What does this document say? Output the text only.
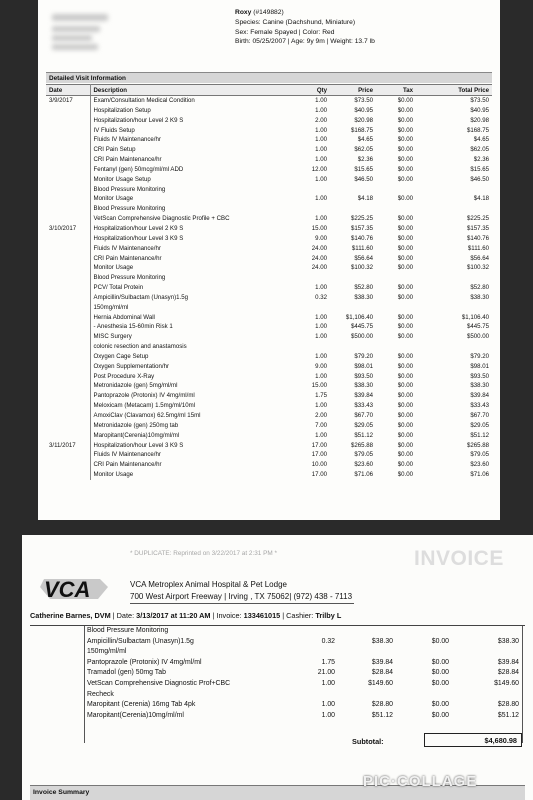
Roxy (#149882)
Species: Canine (Dachshund, Miniature)
Sex: Female Spayed | Color: Red
Birth: 05/25/2007 | Age: 9y 9m | Weight: 13.7 lb
Detailed Visit Information
Date	Description	Qty	Price	Tax	Total Price
3/9/2017	Exam/Consultation Medical Condition	1.00	$73.50	$0.00	$73.50
	Hospitalization Setup	1.00	$40.95	$0.00	$40.95
	Hospitalization/hour Level 2 K9 S	2.00	$20.98	$0.00	$20.98
	IV Fluids Setup	1.00	$168.75	$0.00	$168.75
	Fluids IV Maintenance/hr	1.00	$4.65	$0.00	$4.65
	CRI Pain Setup	1.00	$62.05	$0.00	$62.05
	CRI Pain Maintenance/hr	1.00	$2.36	$0.00	$2.36
	Fentanyl (gen) 50mcg/ml/ml ADD	12.00	$15.65	$0.00	$15.65
	Monitor Usage Setup	1.00	$46.50	$0.00	$46.50
	Blood Pressure Monitoring				
	Monitor Usage	1.00	$4.18	$0.00	$4.18
	Blood Pressure Monitoring				
	VetScan Comprehensive Diagnostic Profile + CBC	1.00	$225.25	$0.00	$225.25
3/10/2017	Hospitalization/hour Level 2 K9 S	15.00	$157.35	$0.00	$157.35
	Hospitalization/hour Level 3 K9 S	9.00	$140.76	$0.00	$140.76
	Fluids IV Maintenance/hr	24.00	$111.60	$0.00	$111.60
	CRI Pain Maintenance/hr	24.00	$56.64	$0.00	$56.64
	Monitor Usage	24.00	$100.32	$0.00	$100.32
	Blood Pressure Monitoring				
	PCV/ Total Protein	1.00	$52.80	$0.00	$52.80
	Ampicillin/Sulbactam (Unasyn)1.5g	0.32	$38.30	$0.00	$38.30
	150mg/ml/ml				
	Hernia Abdominal Wall	1.00	$1,106.40	$0.00	$1,106.40
	- Anesthesia 15-60min Risk 1	1.00	$445.75	$0.00	$445.75
	MISC Surgery	1.00	$500.00	$0.00	$500.00
	colonic resection and anastamosis				
	Oxygen Cage Setup	1.00	$79.20	$0.00	$79.20
	Oxygen Supplementation/hr	9.00	$98.01	$0.00	$98.01
	Post Procedure X-Ray	1.00	$93.50	$0.00	$93.50
	Metronidazole (gen) 5mg/ml/ml	15.00	$38.30	$0.00	$38.30
	Pantoprazole (Protonix) IV 4mg/ml/ml	1.75	$39.84	$0.00	$39.84
	Meloxicam (Metacam) 1.5mg/ml/10ml	1.00	$33.43	$0.00	$33.43
	AmoxiClav (Clavamox) 62.5mg/ml 15ml	2.00	$67.70	$0.00	$67.70
	Metronidazole (gen) 250mg tab	7.00	$29.05	$0.00	$29.05
	Maropitant(Cerenia)10mg/ml/ml	1.00	$51.12	$0.00	$51.12
3/11/2017	Hospitalization/hour Level 3 K9 S	17.00	$265.88	$0.00	$265.88
	Fluids IV Maintenance/hr	17.00	$79.05	$0.00	$79.05
	CRI Pain Maintenance/hr	10.00	$23.60	$0.00	$23.60
	Monitor Usage	17.00	$71.06	$0.00	$71.06
* DUPLICATE: Reprinted on 3/22/2017 at 2:31 PM *	INVOICE
VCA	VCA Metroplex Animal Hospital & Pet Lodge
700 West Airport Freeway | Irving , TX 75062| (972) 438 - 7113
Catherine Barnes, DVM | Date: 3/13/2017 at 11:20 AM | Invoice: 133461015 | Cashier: Trilby L
Blood Pressure Monitoring				
Ampicillin/Sulbactam (Unasyn)1.5g	0.32	$38.30	$0.00	$38.30
150mg/ml/ml				
Pantoprazole (Protonix) IV 4mg/ml/ml	1.75	$39.84	$0.00	$39.84
Tramadol (gen) 50mg Tab	21.00	$28.84	$0.00	$28.84
VetScan Comprehensive Diagnostic Prof+CBC	1.00	$149.60	$0.00	$149.60
Recheck				
Maropitant (Cerenia) 16mg Tab 4pk	1.00	$28.80	$0.00	$28.80
Maropitant(Cerenia)10mg/ml/ml	1.00	$51.12	$0.00	$51.12
Subtotal:	$4,680.98
Invoice Summary
PIC·COLLAGE
